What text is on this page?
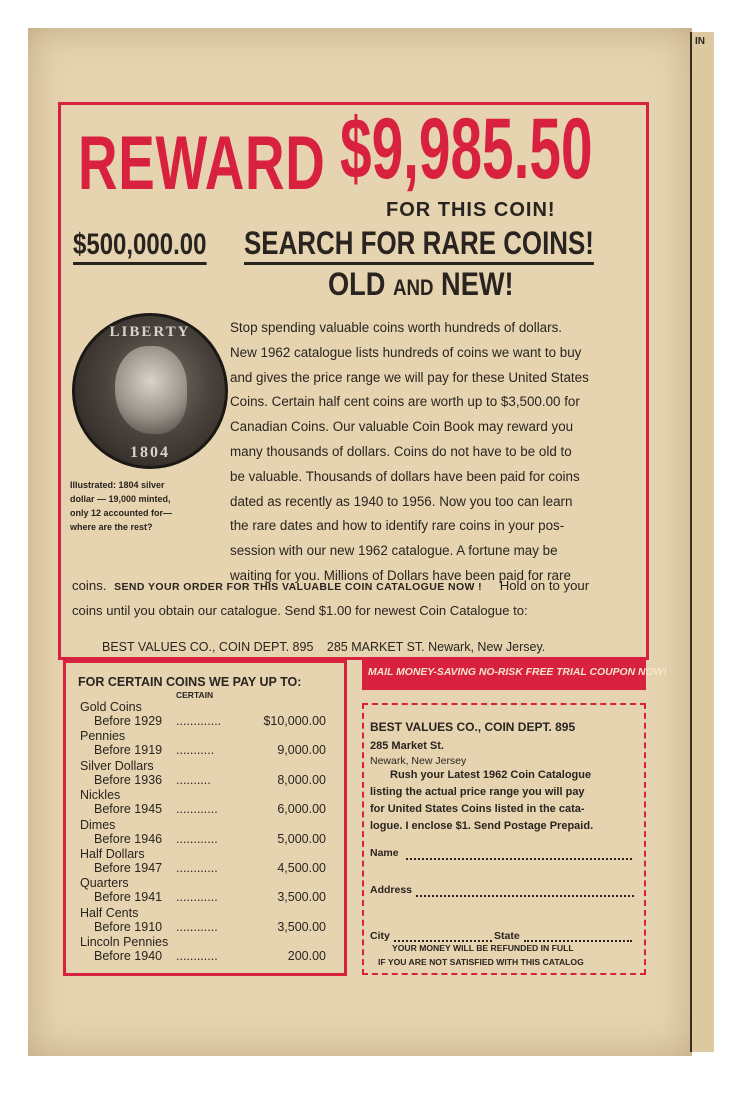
IN
REWARD $9,985.50
FOR THIS COIN!
$500,000.00 SEARCH FOR RARE COINS!
OLD AND NEW!
LIBERTY
1804
Illustrated: 1804 silver
dollar — 19,000 minted,
only 12 accounted for—
where are the rest?

Stop spending valuable coins worth hundreds of dollars.

New 1962 catalogue lists hundreds of coins we want to buy

and gives the price range we will pay for these United States

Coins. Certain half cent coins are worth up to $3,500.00 for

Canadian Coins. Our valuable Coin Book may reward you

many thousands of dollars. Coins do not have to be old to

be valuable. Thousands of dollars have been paid for coins

dated as recently as 1940 to 1956. Now you too can learn

the rare dates and how to identify rare coins in your pos-

session with our new 1962 catalogue. A fortune may be

waiting for you. Millions of Dollars have been paid for rare

coins. SEND YOUR ORDER FOR THIS VALUABLE COIN CATALOGUE NOW ! Hold on to your
coins until you obtain our catalogue. Send $1.00 for newest Coin Catalogue to:
BEST VALUES CO., COIN DEPT. 895 285 MARKET ST. Newark, New Jersey.
FOR CERTAIN COINS WE PAY UP TO:
CERTAIN
Gold Coins
Before 1929 .............	$10,000.00
Pennies
Before 1919 ...........	9,000.00
Silver Dollars
Before 1936 ..........	8,000.00
Nickles
Before 1945 ............	6,000.00
Dimes
Before 1946 ............	5,000.00
Half Dollars
Before 1947 ............	4,500.00
Quarters
Before 1941 ............	3,500.00
Half Cents
Before 1910 ............	3,500.00
Lincoln Pennies
Before 1940 ............	200.00
MAIL MONEY-SAVING NO-RISK FREE TRIAL COUPON NOW!
BEST VALUES CO., COIN DEPT. 895
285 Market St.
Newark, New Jersey
Rush your Latest 1962 Coin Catalogue
listing the actual price range you will pay
for United States Coins listed in the cata-
logue. I enclose $1. Send Postage Prepaid.
Name
Address
City	State
YOUR MONEY WILL BE REFUNDED IN FULL
IF YOU ARE NOT SATISFIED WITH THIS CATALOG
